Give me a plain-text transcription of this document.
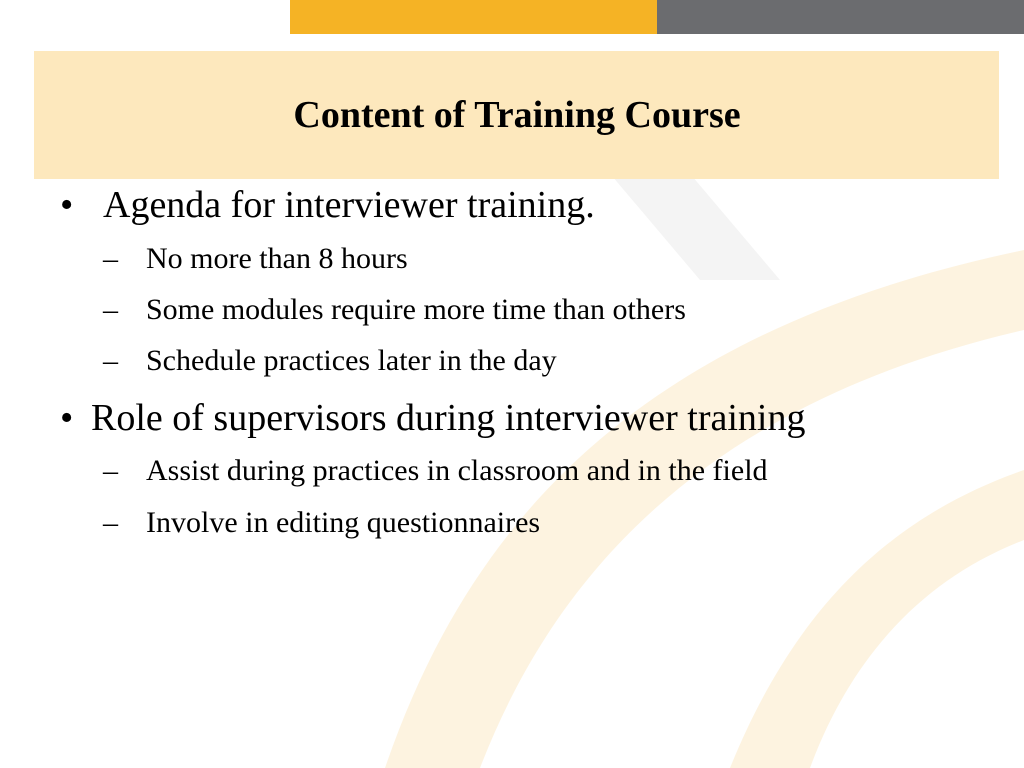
Content of Training Course
• Agenda for interviewer training.
– No more than 8 hours
– Some modules require more time than others
– Schedule practices later in the day
• Role of supervisors during interviewer training
– Assist during practices in classroom and in the field
– Involve in editing questionnaires
